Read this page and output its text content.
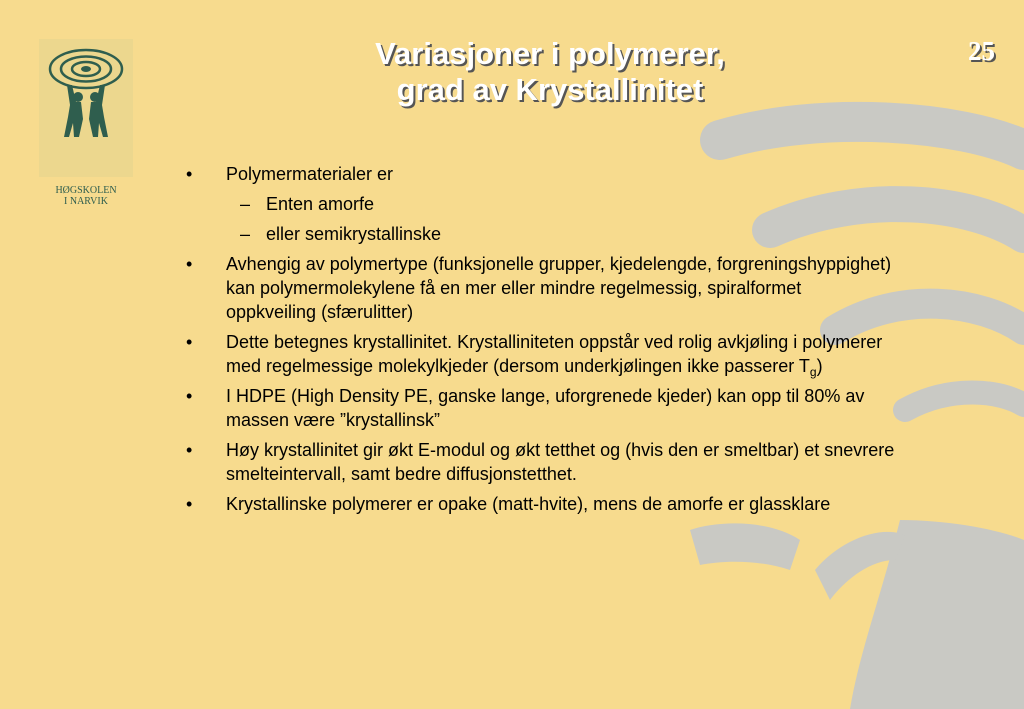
HØGSKOLEN
I NARVIK
Variasjoner i polymerer,
grad av Krystallinitet
25
• Polymermaterialer er
– Enten amorfe
– eller semikrystallinske
• Avhengig av polymertype (funksjonelle grupper, kjedelengde, forgreningshyppighet) kan polymermolekylene få en mer eller mindre regelmessig, spiralformet oppkveiling (sfærulitter)
• Dette betegnes krystallinitet. Krystalliniteten oppstår ved rolig avkjøling i polymerer med regelmessige molekylkjeder (dersom underkjølingen ikke passerer $T_g$)
• I HDPE (High Density PE, ganske lange, uforgrenede kjeder) kan opp til 80% av massen være ”krystallinsk”
• Høy krystallinitet gir økt E-modul og økt tetthet og (hvis den er smeltbar) et snevrere smelteintervall, samt bedre diffusjonstetthet.
• Krystallinske polymerer er opake (matt-hvite), mens de amorfe er glassklare
